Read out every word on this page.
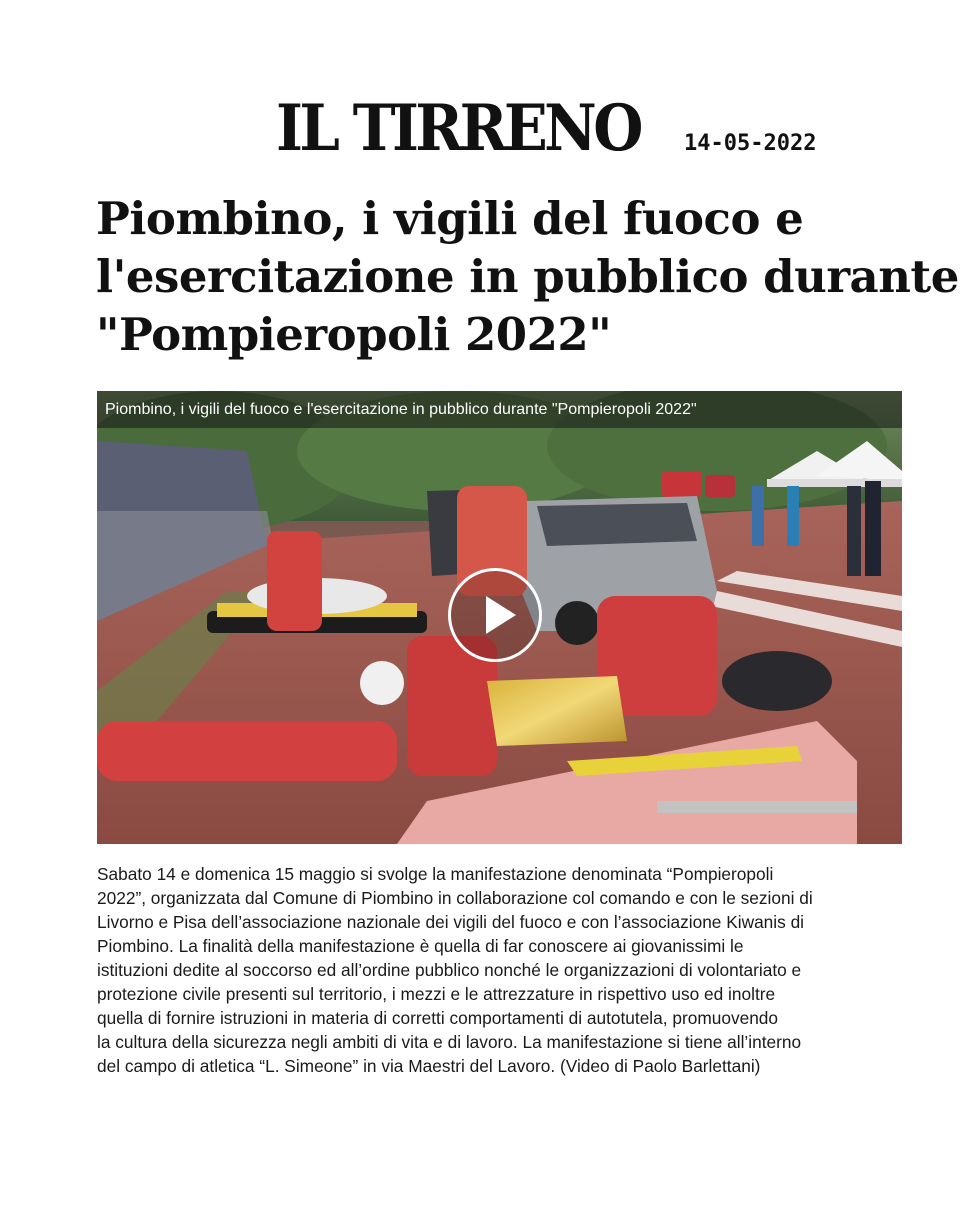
IL TIRRENO 14-05-2022
Piombino, i vigili del fuoco e
l'esercitazione in pubblico durante
"Pompieropoli 2022"
Piombino, i vigili del fuoco e l'esercitazione in pubblico durante "Pompieropoli 2022"
Sabato 14 e domenica 15 maggio si svolge la manifestazione denominata “Pompieropoli
2022”, organizzata dal Comune di Piombino in collaborazione col comando e con le sezioni di
Livorno e Pisa dell’associazione nazionale dei vigili del fuoco e con l’associazione Kiwanis di
Piombino. La finalità della manifestazione è quella di far conoscere ai giovanissimi le
istituzioni dedite al soccorso ed all’ordine pubblico nonché le organizzazioni di volontariato e
protezione civile presenti sul territorio, i mezzi e le attrezzature in rispettivo uso ed inoltre
quella di fornire istruzioni in materia di corretti comportamenti di autotutela, promuovendo
la cultura della sicurezza negli ambiti di vita e di lavoro. La manifestazione si tiene all’interno
del campo di atletica “L. Simeone” in via Maestri del Lavoro. (Video di Paolo Barlettani)
